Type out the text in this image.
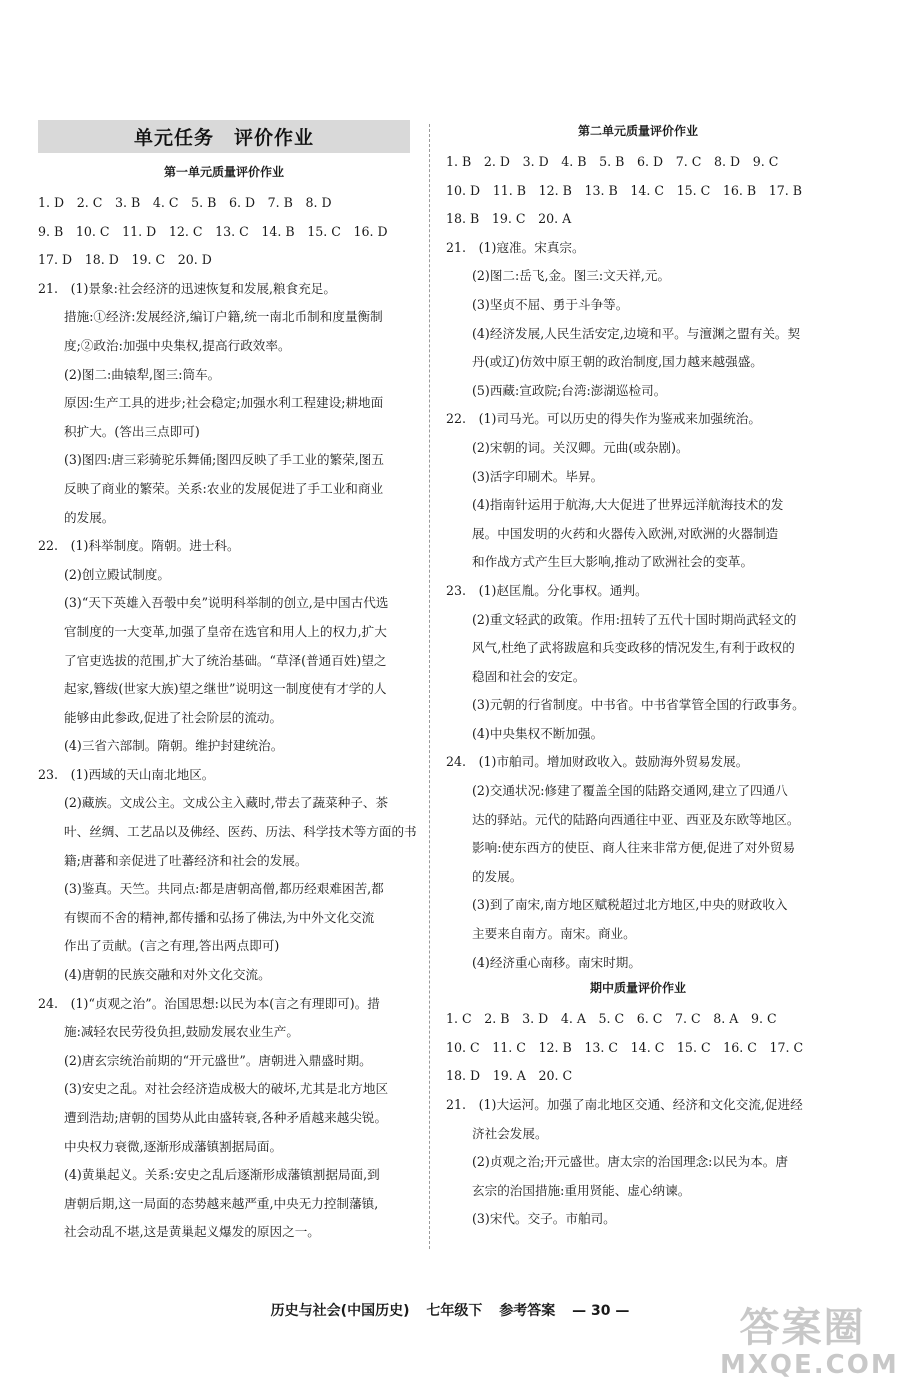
单元任务　评价作业
第一单元质量评价作业
1. D　2. C　3. B　4. C　5. B　6. D　7. B　8. D
9. B　10. C　11. D　12. C　13. C　14. B　15. C　16. D
17. D　18. D　19. C　20. D
21.　(1)景象:社会经济的迅速恢复和发展,粮食充足。
措施:①经济:发展经济,编订户籍,统一南北币制和度量衡制
度;②政治:加强中央集权,提高行政效率。
(2)图二:曲辕犁,图三:筒车。
原因:生产工具的进步;社会稳定;加强水利工程建设;耕地面
积扩大。(答出三点即可)
(3)图四:唐三彩骑驼乐舞俑;图四反映了手工业的繁荣,图五
反映了商业的繁荣。关系:农业的发展促进了手工业和商业
的发展。
22.　(1)科举制度。隋朝。进士科。
(2)创立殿试制度。
(3)“天下英雄入吾彀中矣”说明科举制的创立,是中国古代选
官制度的一大变革,加强了皇帝在选官和用人上的权力,扩大
了官吏选拔的范围,扩大了统治基础。“草泽(普通百姓)望之
起家,簪绂(世家大族)望之继世”说明这一制度使有才学的人
能够由此参政,促进了社会阶层的流动。
(4)三省六部制。隋朝。维护封建统治。
23.　(1)西域的天山南北地区。
(2)藏族。文成公主。文成公主入藏时,带去了蔬菜种子、茶
叶、丝绸、工艺品以及佛经、医药、历法、科学技术等方面的书
籍;唐蕃和亲促进了吐蕃经济和社会的发展。
(3)鉴真。天竺。共同点:都是唐朝高僧,都历经艰难困苦,都
有锲而不舍的精神,都传播和弘扬了佛法,为中外文化交流
作出了贡献。(言之有理,答出两点即可)
(4)唐朝的民族交融和对外文化交流。
24.　(1)“贞观之治”。治国思想:以民为本(言之有理即可)。措
施:减轻农民劳役负担,鼓励发展农业生产。
(2)唐玄宗统治前期的“开元盛世”。唐朝进入鼎盛时期。
(3)安史之乱。对社会经济造成极大的破坏,尤其是北方地区
遭到浩劫;唐朝的国势从此由盛转衰,各种矛盾越来越尖锐。
中央权力衰微,逐渐形成藩镇割据局面。
(4)黄巢起义。关系:安史之乱后逐渐形成藩镇割据局面,到
唐朝后期,这一局面的态势越来越严重,中央无力控制藩镇,
社会动乱不堪,这是黄巢起义爆发的原因之一。
第二单元质量评价作业
1. B　2. D　3. D　4. B　5. B　6. D　7. C　8. D　9. C
10. D　11. B　12. B　13. B　14. C　15. C　16. B　17. B
18. B　19. C　20. A
21.　(1)寇准。宋真宗。
(2)图二:岳飞,金。图三:文天祥,元。
(3)坚贞不屈、勇于斗争等。
(4)经济发展,人民生活安定,边境和平。与澶渊之盟有关。契
丹(或辽)仿效中原王朝的政治制度,国力越来越强盛。
(5)西藏:宣政院;台湾:澎湖巡检司。
22.　(1)司马光。可以历史的得失作为鉴戒来加强统治。
(2)宋朝的词。关汉卿。元曲(或杂剧)。
(3)活字印刷术。毕昇。
(4)指南针运用于航海,大大促进了世界远洋航海技术的发
展。中国发明的火药和火器传入欧洲,对欧洲的火器制造
和作战方式产生巨大影响,推动了欧洲社会的变革。
23.　(1)赵匡胤。分化事权。通判。
(2)重文轻武的政策。作用:扭转了五代十国时期尚武轻文的
风气,杜绝了武将跋扈和兵变政移的情况发生,有利于政权的
稳固和社会的安定。
(3)元朝的行省制度。中书省。中书省掌管全国的行政事务。
(4)中央集权不断加强。
24.　(1)市舶司。增加财政收入。鼓励海外贸易发展。
(2)交通状况:修建了覆盖全国的陆路交通网,建立了四通八
达的驿站。元代的陆路向西通往中亚、西亚及东欧等地区。
影响:使东西方的使臣、商人往来非常方便,促进了对外贸易
的发展。
(3)到了南宋,南方地区赋税超过北方地区,中央的财政收入
主要来自南方。南宋。商业。
(4)经济重心南移。南宋时期。
期中质量评价作业
1. C　2. B　3. D　4. A　5. C　6. C　7. C　8. A　9. C
10. C　11. C　12. B　13. C　14. C　15. C　16. C　17. C
18. D　19. A　20. C
21.　(1)大运河。加强了南北地区交通、经济和文化交流,促进经
济社会发展。
(2)贞观之治;开元盛世。唐太宗的治国理念:以民为本。唐
玄宗的治国措施:重用贤能、虚心纳谏。
(3)宋代。交子。市舶司。
历史与社会(中国历史) 七年级下 参考答案 — 30 —	答案圈
MXQE.COM
